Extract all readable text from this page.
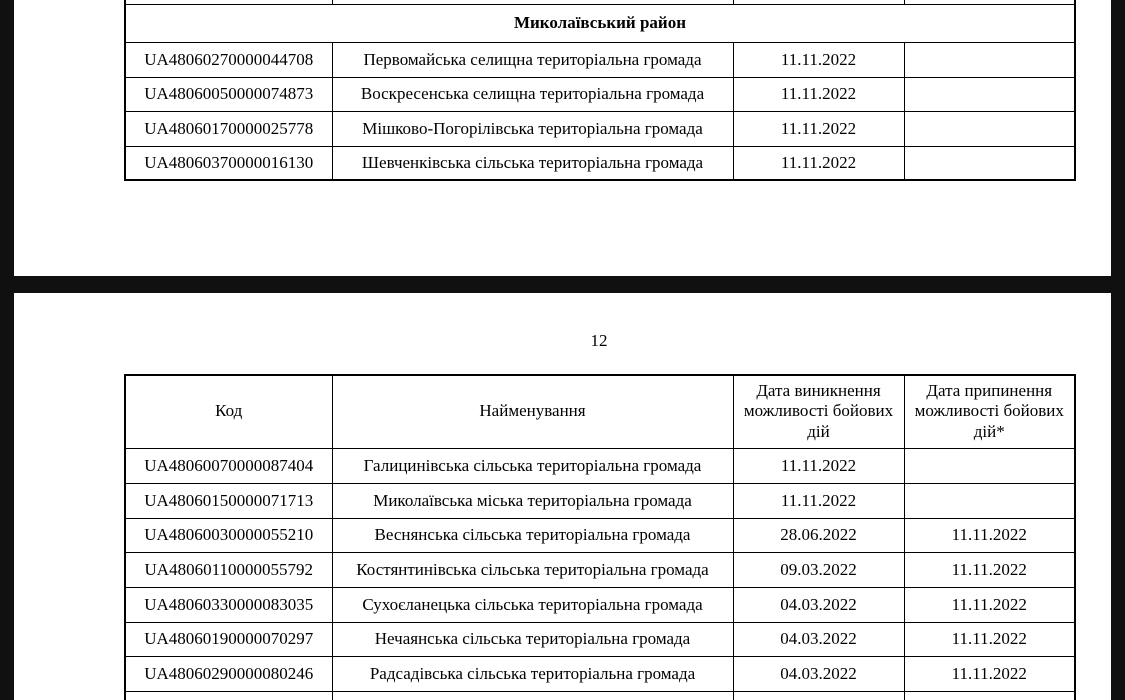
Миколаївський район			
UA48060270000044708	Первомайська селищна територіальна громада	11.11.2022	
UA48060050000074873	Воскресенська селищна територіальна громада	11.11.2022	
UA48060170000025778	Мішково-Погорілівська територіальна громада	11.11.2022	
UA48060370000016130	Шевченківська сільська територіальна громада	11.11.2022	
12
Код	Найменування	Дата виникнення можливості бойових дій	Дата припинення можливості бойових дій*
UA48060070000087404	Галицинівська сільська територіальна громада	11.11.2022	
UA48060150000071713	Миколаївська міська територіальна громада	11.11.2022	
UA48060030000055210	Веснянська сільська територіальна громада	28.06.2022	11.11.2022
UA48060110000055792	Костянтинівська сільська територіальна громада	09.03.2022	11.11.2022
UA48060330000083035	Сухоєланецька сільська територіальна громада	04.03.2022	11.11.2022
UA48060190000070297	Нечаянська сільська територіальна громада	04.03.2022	11.11.2022
UA48060290000080246	Радсадівська сільська територіальна громада	04.03.2022	11.11.2022
